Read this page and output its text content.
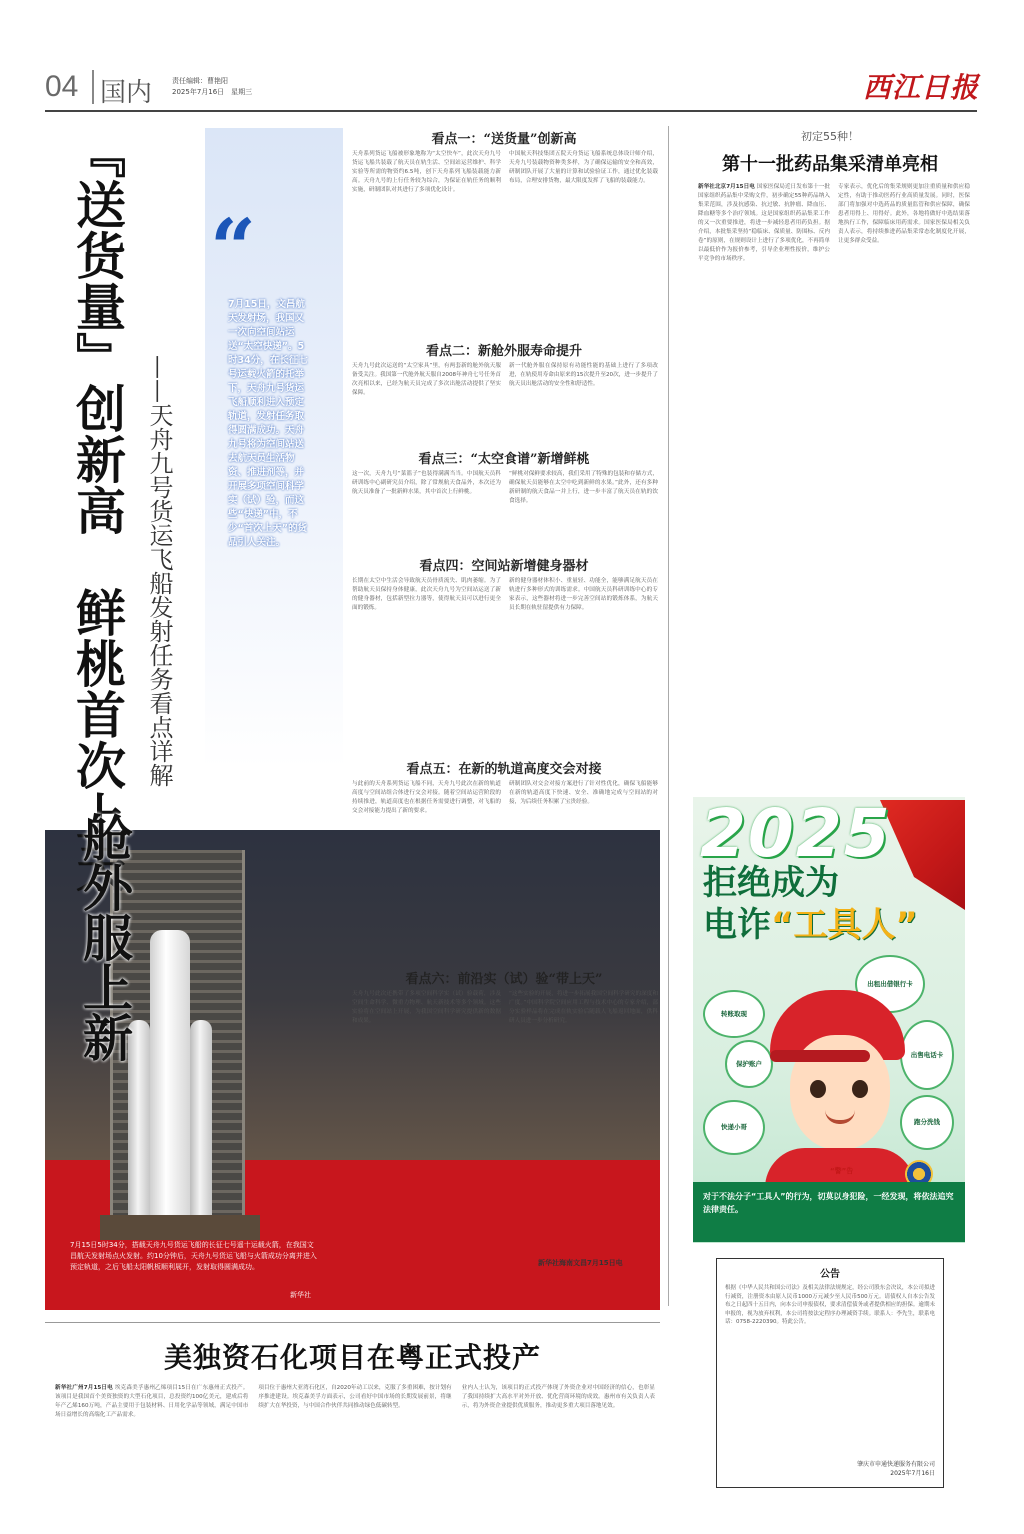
04 国内	责任编辑：曹艳阳
2025年7月16日　星期三	西江日报
7月15日5时34分，搭载天舟九号货运飞船的长征七号遥十运载火箭，在我国文昌航天发射场点火发射。约10分钟后，天舟九号货运飞船与火箭成功分离并进入预定轨道，之后飞船太阳帆板顺利展开，发射取得圆满成功。
新华社
『送货量』创新高　鲜桃首次上天 ——天舟九号货运飞船发射任务看点详解
舱外服上新
“
7月15日，文昌航天发射场，我国又一次向空间站运送“太空快递”。5时34分，在长征七号运载火箭的托举下，天舟九号货运飞船顺利进入预定轨道，发射任务取得圆满成功。天舟九号将为空间站送去航天员生活物资、推进剂等，并开展多项空间科学实（试）验，而这些“快递”中，不少“首次上天”的货品引人关注。
看点一：“送货量”创新高
天舟系列货运飞船被形象地称为“太空快车”，此次天舟九号货运飞船共装载了航天员在轨生活、空间站运营维护、科学实验等所需的物资约6.5吨，创下天舟系列飞船装载能力新高。天舟九号的上行任务较为综合，为保证在轨任务的顺利实施，研制团队对其进行了多项优化设计。
中国航天科技集团五院天舟货运飞船系统总体设计师介绍，天舟九号装载物资种类多样，为了确保运输的安全和高效，研制团队开展了大量的计算和试验验证工作，通过优化装载布局，合理安排货物，最大限度发挥了飞船的装载能力。
看点二：新舱外服寿命提升
天舟九号此次运送的“太空家具”里，有两套新的舱外航天服备受关注。我国第一代舱外航天服自2008年神舟七号任务首次亮相以来，已经为航天员完成了多次出舱活动提供了坚实保障。
新一代舱外服在保持原有功能性能的基础上进行了多项改进，在轨使用寿命由原来的15次提升至20次，进一步提升了航天员出舱活动的安全性和舒适性。
看点三：“太空食谱”新增鲜桃
这一次，天舟九号“菜篮子”也装得满满当当。中国航天员科研训练中心副研究员介绍，除了常规航天食品外，本次还为航天员准备了一批新鲜水果，其中首次上行鲜桃。
“鲜桃对保鲜要求较高，我们采用了特殊的包装和存储方式，确保航天员能够在太空中吃到新鲜的水果。”此外，还有多种新研制的航天食品一并上行，进一步丰富了航天员在轨的饮食选择。
看点四：空间站新增健身器材
长期在太空中生活会导致航天员骨质流失、肌肉萎缩。为了帮助航天员保持身体健康，此次天舟九号为空间站运送了新的健身器材，包括新型拉力器等，使得航天员可以进行更全面的锻炼。
新的健身器材体积小、重量轻、功能全，能够满足航天员在轨进行多种形式的训练需求。中国航天员科研训练中心的专家表示，这些器材将进一步完善空间站的锻炼体系，为航天员长期在轨驻留提供有力保障。
看点五：在新的轨道高度交会对接
与此前的天舟系列货运飞船不同，天舟九号此次在新的轨道高度与空间站组合体进行交会对接。随着空间站运营阶段的持续推进，轨道高度也在根据任务需要进行调整，对飞船的交会对接能力提出了新的要求。
研制团队对交会对接方案进行了针对性优化，确保飞船能够在新的轨道高度下快速、安全、准确地完成与空间站的对接，为后续任务积累了宝贵经验。
看点六：前沿实（试）验“带上天”
天舟九号此次还携带了多项空间科学实（试）验载荷，涉及空间生命科学、微重力物理、航天新技术等多个领域。这些实验将在空间站上开展，为我国空间科学研究提供新的数据和成果。
“这些实验的开展，将进一步拓展我国空间科学研究的深度和广度。”中国科学院空间应用工程与技术中心的专家介绍，部分实验样品将在完成在轨实验后随载人飞船返回地面，供科研人员进一步分析研究。
新华社海南文昌7月15日电
初定55种！
第十一批药品集采清单亮相
新华社北京7月15日电 国家医保局近日发布第十一批国家组织药品集中采购文件，初步确定55种药品纳入集采范围，涉及抗感染、抗过敏、抗肿瘤、降血压、降血糖等多个治疗领域。这是国家组织药品集采工作的又一次重要推进，将进一步减轻患者用药负担。据介绍，本批集采坚持“稳临床、保质量、防围标、反内卷”的原则，在规则设计上进行了多项优化，不再简单以最低价作为报价参考，引导企业理性报价，维护公平竞争的市场秩序。
专家表示，优化后的集采规则更加注重质量和供应稳定性，有助于推动医药行业高质量发展。同时，医保部门将加强对中选药品的质量监管和供应保障，确保患者用得上、用得好。此外，各地将做好中选结果落地执行工作，保障临床用药需求。国家医保局相关负责人表示，将持续推进药品集采常态化制度化开展，让更多群众受益。
2025
拒绝成为
电诈“工具人”
出租出借银行卡
转账取现
出售电话卡
跑分洗钱
快递小哥
保护账户
“警”告
对于不法分子“工具人”的行为，切莫以身犯险，一经发现，将依法追究法律责任。
公告
根据《中华人民共和国公司法》及相关法律法规规定，经公司股东会决议，本公司拟进行减资，注册资本由原人民币1000万元减少至人民币500万元。请债权人自本公告发布之日起四十五日内，向本公司申报债权，要求清偿债务或者提供相应的担保。逾期未申报的，视为放弃权利，本公司将按法定程序办理减资手续。联系人：李先生，联系电话：0758-2220390。特此公告。
肇庆市申通快递服务有限公司
2025年7月16日
美独资石化项目在粤正式投产
新华社广州7月15日电 埃克森美孚惠州乙烯项目15日在广东惠州正式投产。该项目是我国首个美资独资的大型石化项目，总投资约100亿美元，建成后将年产乙烯160万吨，产品主要用于包装材料、日用化学品等领域，满足中国市场日益增长的高端化工产品需求。
项目位于惠州大亚湾石化区，自2020年动工以来，克服了多重困难，按计划有序推进建设。埃克森美孚方面表示，公司看好中国市场的长期发展前景，将继续扩大在华投资，与中国合作伙伴共同推动绿色低碳转型。
业内人士认为，该项目的正式投产体现了外资企业对中国经济的信心，也彰显了我国持续扩大高水平对外开放、优化营商环境的成效。惠州市有关负责人表示，将为外资企业提供优质服务，推动更多重大项目落地见效。
